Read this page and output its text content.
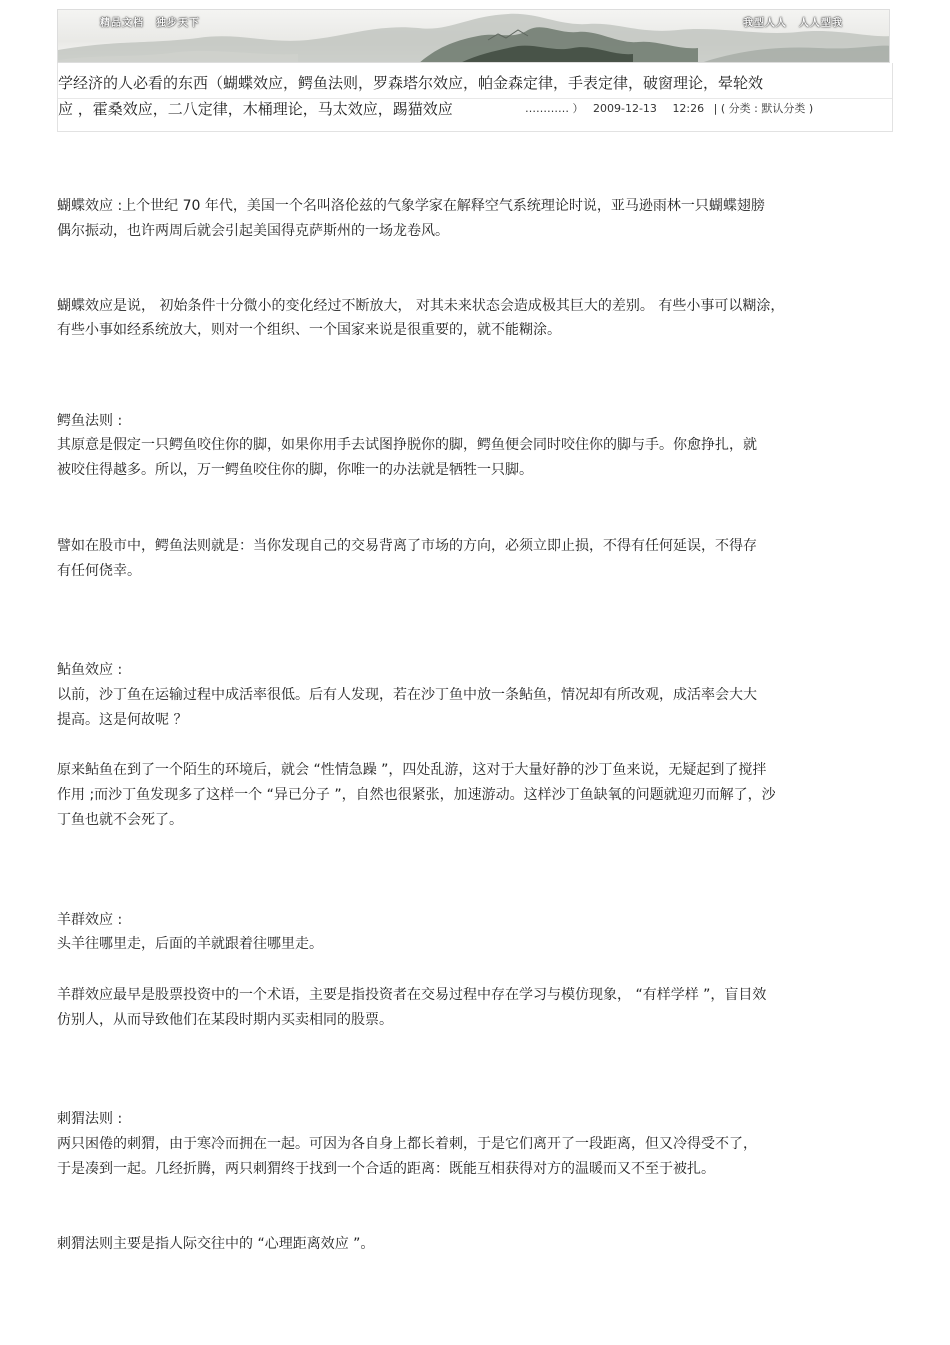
精品文档 独步天下	我型人人 人人型我
学经济的人必看的东西（蝴蝶效应，鳄鱼法则，罗森塔尔效应，帕金森定律，手表定律，破窗理论，晕轮效
应 ，霍桑效应，二八定律，木桶理论，马太效应，踢猫效应	………… ） 2009-12-13 12:26 | ( 分类 : 默认分类 )
蝴蝶效应 :上个世纪 70 年代，美国一个名叫洛伦兹的气象学家在解释空气系统理论时说，亚马逊雨林一只蝴蝶翅膀
偶尔振动，也许两周后就会引起美国得克萨斯州的一场龙卷风。
蝴蝶效应是说， 初始条件十分微小的变化经过不断放大， 对其未来状态会造成极其巨大的差别。 有些小事可以糊涂，
有些小事如经系统放大，则对一个组织、一个国家来说是很重要的，就不能糊涂。
鳄鱼法则 :
其原意是假定一只鳄鱼咬住你的脚，如果你用手去试图挣脱你的脚，鳄鱼便会同时咬住你的脚与手。你愈挣扎，就
被咬住得越多。所以，万一鳄鱼咬住你的脚，你唯一的办法就是牺牲一只脚。
譬如在股市中，鳄鱼法则就是：当你发现自己的交易背离了市场的方向，必须立即止损，不得有任何延误，不得存
有任何侥幸。
鲇鱼效应 :
以前，沙丁鱼在运输过程中成活率很低。后有人发现，若在沙丁鱼中放一条鲇鱼，情况却有所改观，成活率会大大
提高。这是何故呢 ？
原来鲇鱼在到了一个陌生的环境后，就会 “性情急躁 ”，四处乱游，这对于大量好静的沙丁鱼来说，无疑起到了搅拌
作用 ;而沙丁鱼发现多了这样一个 “异已分子 ”，自然也很紧张，加速游动。这样沙丁鱼缺氧的问题就迎刃而解了，沙
丁鱼也就不会死了。
羊群效应 :
头羊往哪里走，后面的羊就跟着往哪里走。
羊群效应最早是股票投资中的一个术语，主要是指投资者在交易过程中存在学习与模仿现象， “有样学样 ”，盲目效
仿别人，从而导致他们在某段时期内买卖相同的股票。
刺猬法则 :
两只困倦的刺猬，由于寒冷而拥在一起。可因为各自身上都长着刺，于是它们离开了一段距离，但又冷得受不了，
于是凑到一起。几经折腾，两只刺猬终于找到一个合适的距离：既能互相获得对方的温暖而又不至于被扎。
刺猬法则主要是指人际交往中的 “心理距离效应 ”。
